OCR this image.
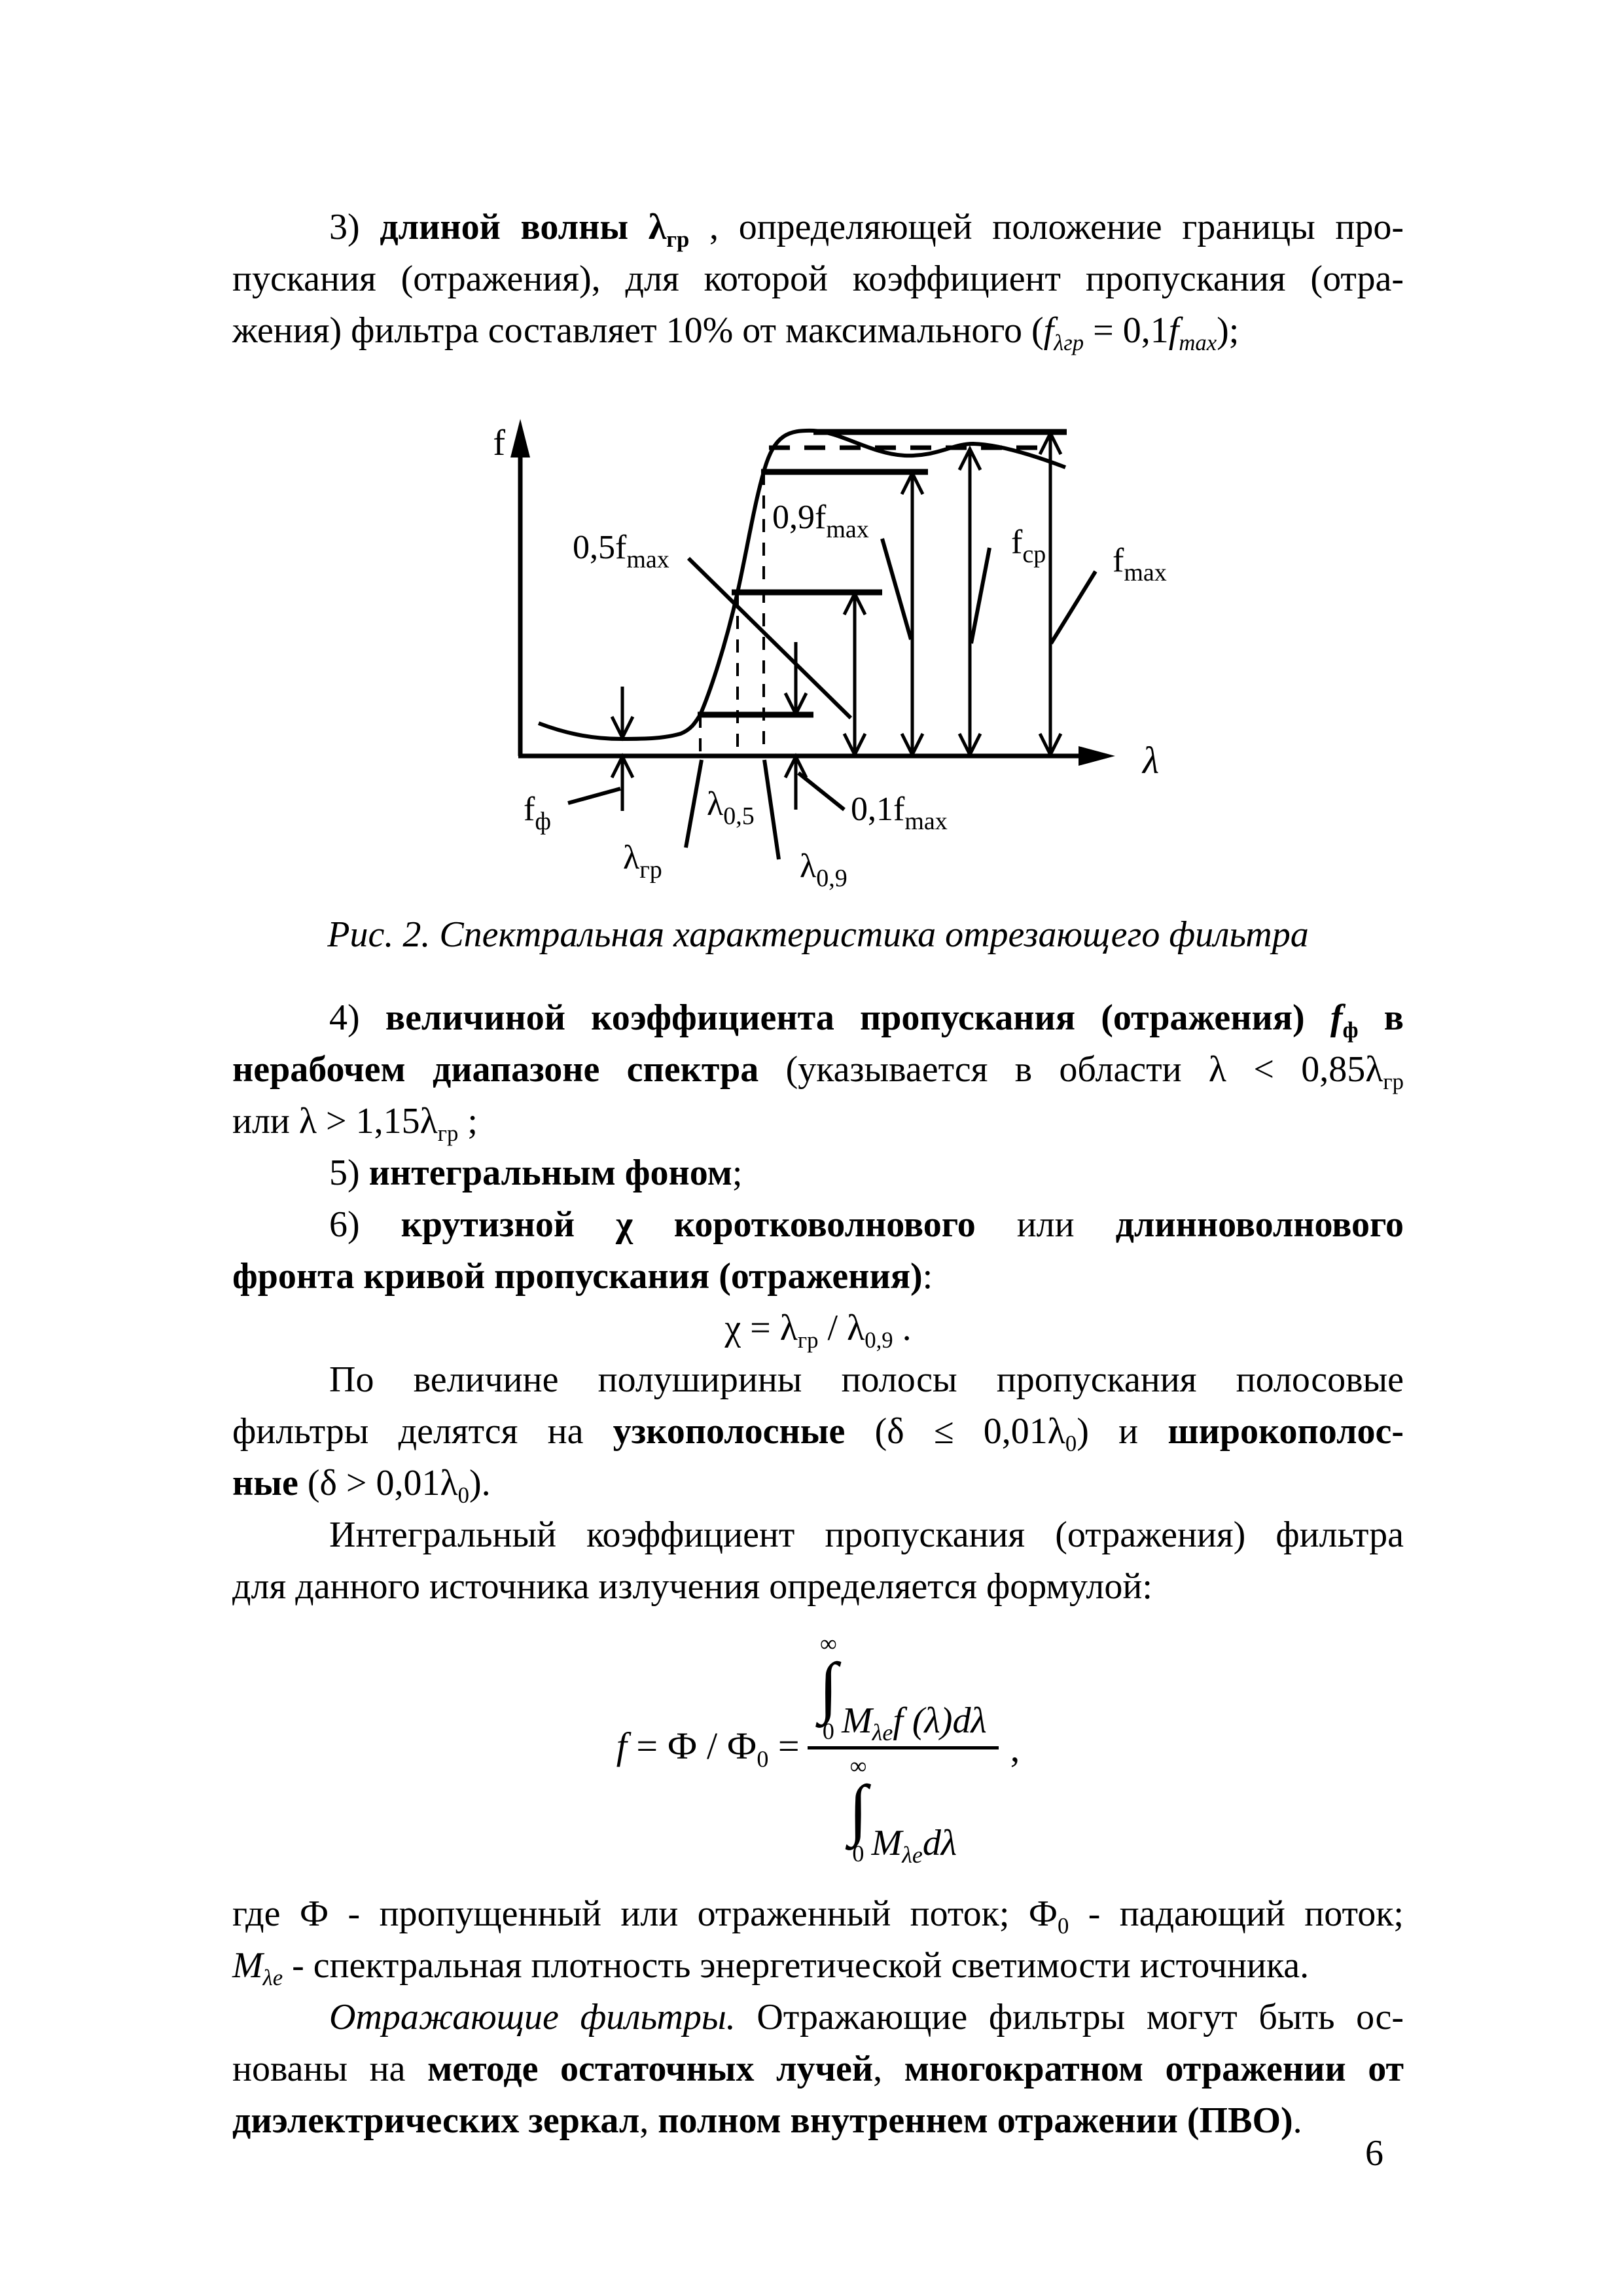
3) длиной волны $\lambda_{гр}$ , определяющей положение границы про-
пускания (отражения), для которой коэффициент пропускания (отра-
жения) фильтра составляет 10% от максимального $(f_{\lambda гр} = 0,1f_{max})$;
f
λ
$0,5f_{max}$
$0,9f_{max}$	$f_{ср}$ $f_{max}$
$f_ф$
$\lambda_{гр}$
$\lambda_{0,5}$	$0,1f_{max}$
$\lambda_{0,9}$
Рис. 2. Спектральная характеристика отрезающего фильтра
4) величиной коэффициента пропускания (отражения) $f_ф$ в
нерабочем диапазоне спектра (указывается в области $\lambda < 0,85\lambda_{гр}$
или $\lambda > 1,15\lambda_{гр}$ ;
5) интегральным фоном;
6) крутизной χ коротковолнового или длинноволнового
фронта кривой пропускания (отражения):
$\chi = \lambda_{гр} / \lambda_{0,9}$ .
По величине полуширины полосы пропускания полосовые
фильтры делятся на узкополосные $(\delta \le 0,01\lambda_0)$ и широкополос-
ные $(\delta > 0,01\lambda_0)$.
Интегральный коэффициент пропускания (отражения) фильтра
для данного источника излучения определяется формулой:
$f = Ф / Ф_0$ = ∞
∫
0 $M_{\lambda е}f$ (λ)dλ
∞
∫
0 $M_{\lambda е}d\lambda$ ,
где Ф - пропущенный или отраженный поток; $Ф_0$ - падающий поток;
$M_{\lambda е}$ - спектральная плотность энергетической светимости источника.
Отражающие фильтры. Отражающие фильтры могут быть ос-
нованы на методе остаточных лучей, многократном отражении от
диэлектрических зеркал, полном внутреннем отражении (ПВО).
6
